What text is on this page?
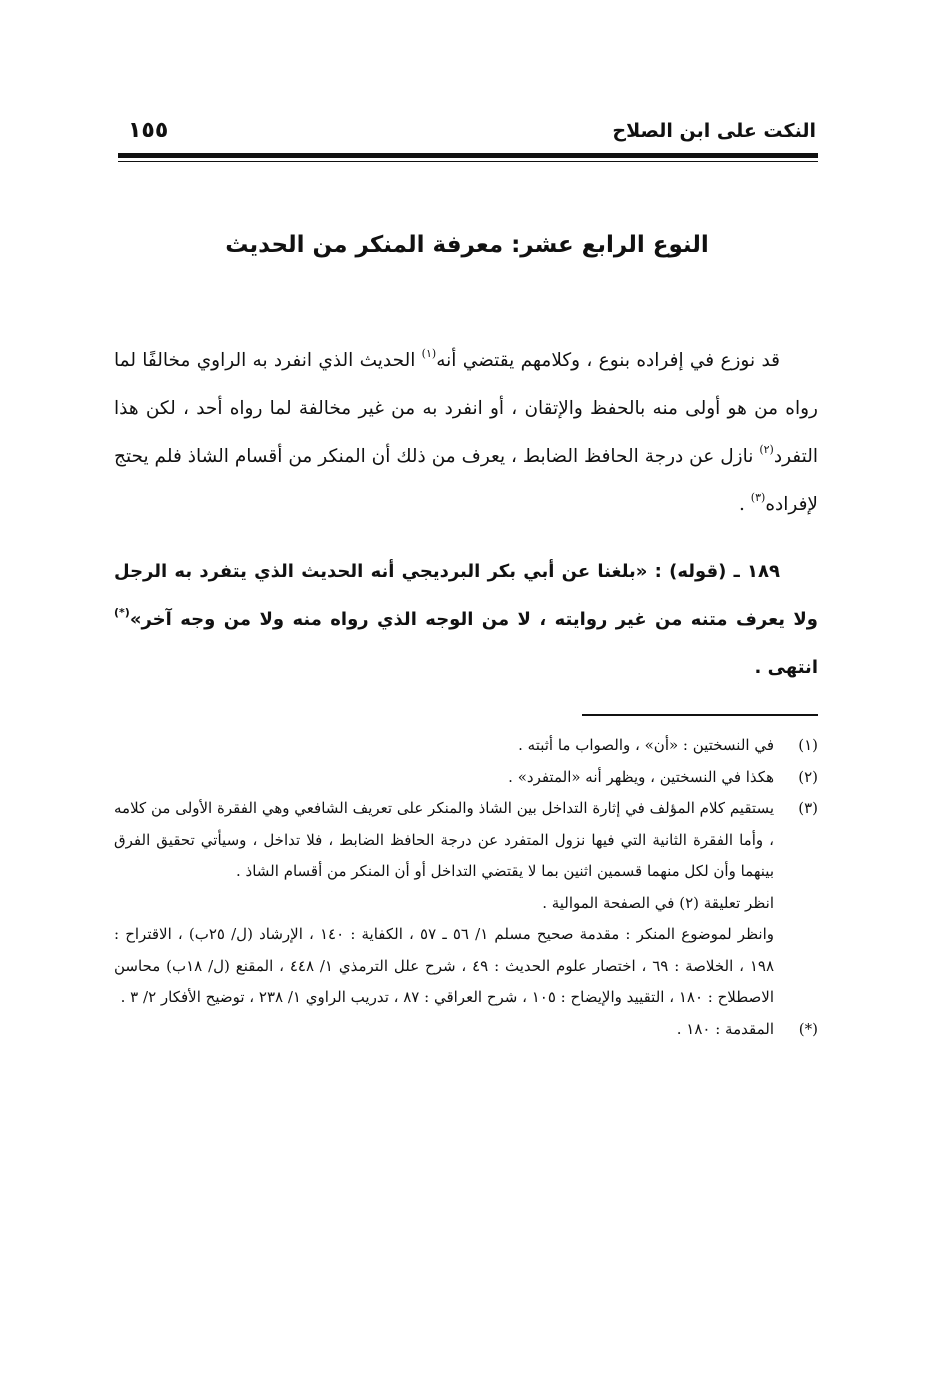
النكت على ابن الصلاح
١٥٥
النوع الرابع عشر: معرفة المنكر من الحديث
قد نوزع في إفراده بنوع ، وكلامهم يقتضي أنه$^{(١)}$ الحديث الذي انفرد به الراوي مخالفًا لما رواه من هو أولى منه بالحفظ والإتقان ، أو انفرد به من غير مخالفة لما رواه أحد ، لكن هذا التفرد$^{(٢)}$ نازل عن درجة الحافظ الضابط ، يعرف من ذلك أن المنكر من أقسام الشاذ فلم يحتج لإفراده$^{(٣)}$ .
١٨٩ ـ (قوله) : «بلغنا عن أبي بكر البرديجي أنه الحديث الذي يتفرد به الرجل ولا يعرف متنه من غير روايته ، لا من الوجه الذي رواه منه ولا من وجه آخر»(*) انتهى .
(١)
في النسختين : «أن» ، والصواب ما أثبته .
(٢)
هكذا في النسختين ، ويظهر أنه «المتفرد» .
(٣)
يستقيم كلام المؤلف في إثارة التداخل بين الشاذ والمنكر على تعريف الشافعي وهي الفقرة الأولى من كلامه ، وأما الفقرة الثانية التي فيها نزول المتفرد عن درجة الحافظ الضابط ، فلا تداخل ، وسيأتي تحقيق الفرق بينهما وأن لكل منهما قسمين اثنين بما لا يقتضي التداخل أو أن المنكر من أقسام الشاذ .
انظر تعليقة (٢) في الصفحة الموالية .
وانظر لموضوع المنكر : مقدمة صحيح مسلم ١/ ٥٦ ـ ٥٧ ، الكفاية : ١٤٠ ، الإرشاد (ل/ ٢٥ب) ، الاقتراح : ١٩٨ ، الخلاصة : ٦٩ ، اختصار علوم الحديث : ٤٩ ، شرح علل الترمذي ١/ ٤٤٨ ، المقنع (ل/ ١٨ب) محاسن الاصطلاح : ١٨٠ ، التقييد والإيضاح : ١٠٥ ، شرح العراقي : ٨٧ ، تدريب الراوي ١/ ٢٣٨ ، توضيح الأفكار ٢/ ٣ .
(*)
المقدمة : ١٨٠ .
